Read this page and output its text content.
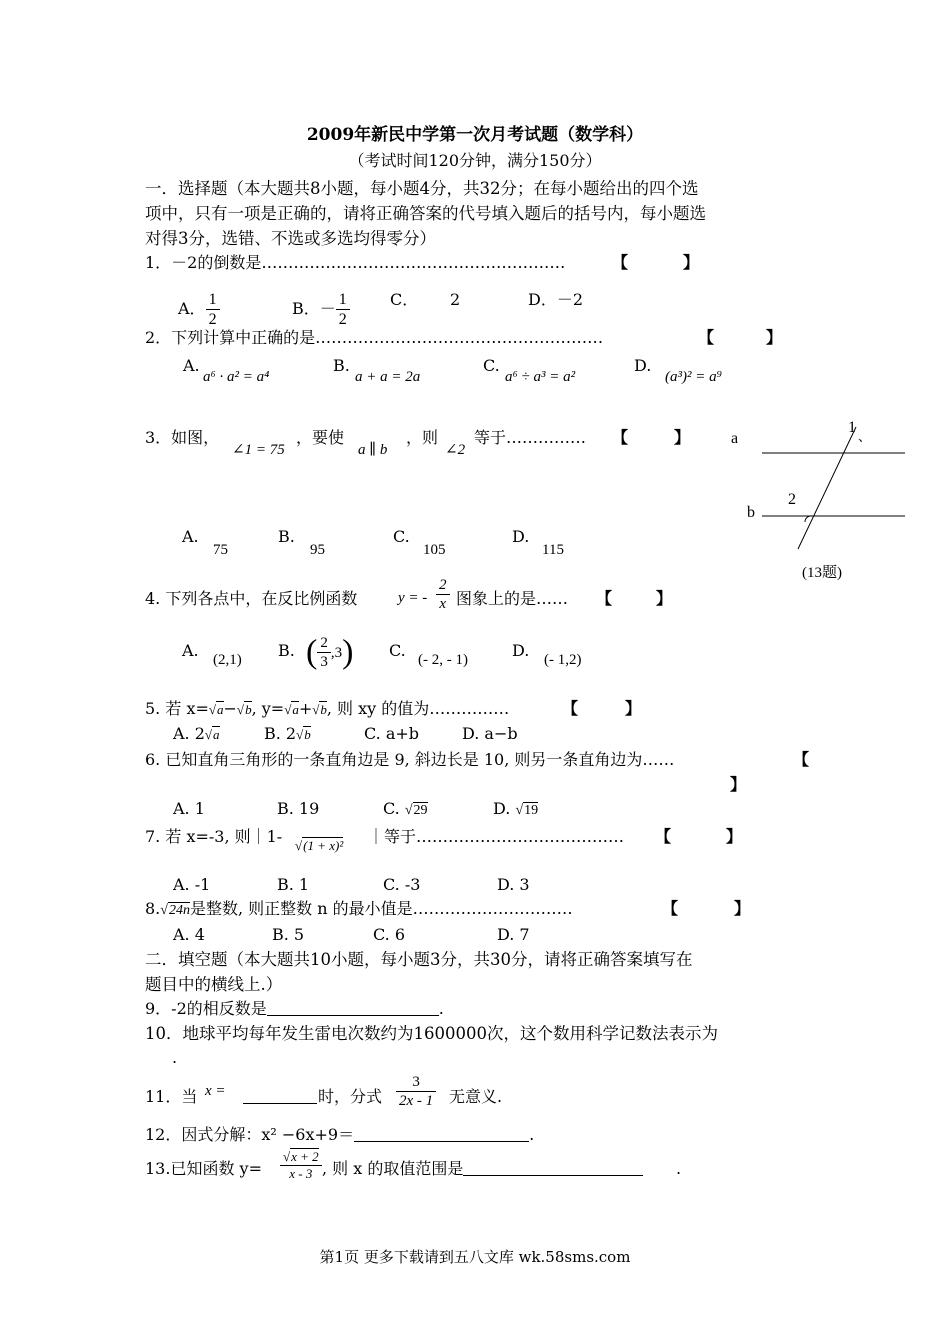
2009年新民中学第一次月考试题（数学科）
（考试时间120分钟，满分150分）
一．选择题（本大题共8小题，每小题4分，共32分；在每小题给出的四个选
项中，只有一项是正确的，请将正确答案的代号填入题后的括号内，每小题选
对得3分，选错、不选或多选均得零分）
1．－2的倒数是…………………………………………………	【	】
A． $\frac{1}{2}$	B．－ $\frac{1}{2}$	C． 2	D．－2
2．下列计算中正确的是………………………………………………	【	】
A.
a⁶ · a² = a⁴
B.
a + a = 2a
C.
a⁶ ÷ a³ = a²
D.
(a³)² = a⁹
3．如图，
∠1 = 75
，要使
a ∥ b
，则
∠2
等于…………… 【	】
A.
75
B.
95
C.
105
D.
115
a
b
1
、
2
(13题)
4. 下列各点中，在反比例函数	y = - $\frac{2}{x}$ 图象上的是…… 【	】
A. (2,1) B. ( $\frac{2}{3} ,3$) C. (- 2, - 1)	D. (- 1,2)
5. 若 x=√a−√b, y=√a+√b, 则 xy 的值为……………	【	】
A. 2√a	B. 2√b	C. a+b	D. a−b
6. 已知直角三角形的一条直角边是 9, 斜边长是 10, 则另一条直角边为……	【
】
A. 1	B. 19	C. √29	D. √19
7. 若 x=-3, 则｜1- √(1 + x)² ｜等于………………………………… 【	】
A. -1	B. 1	C. -3	D. 3
8.√24n是整数, 则正整数 n 的最小值是…………………………	【	】
A. 4	B. 5	C. 6	D. 7
二．填空题（本大题共10小题，每小题3分，共30分，请将正确答案填写在
题目中的横线上.）
9．-2的相反数是	.
10．地球平均每年发生雷电次数约为1600000次，这个数用科学记数法表示为
.
11．当 x =	时，分式 $\frac{3}{2x - 1}$ 无意义.
12．因式分解：x² −6x+9＝	.
13.已知函数 $y= \frac{√x + 2}{x - 3}$ , 则 x 的取值范围是	.
第1页 更多下载请到五八文库 wk.58sms.com
